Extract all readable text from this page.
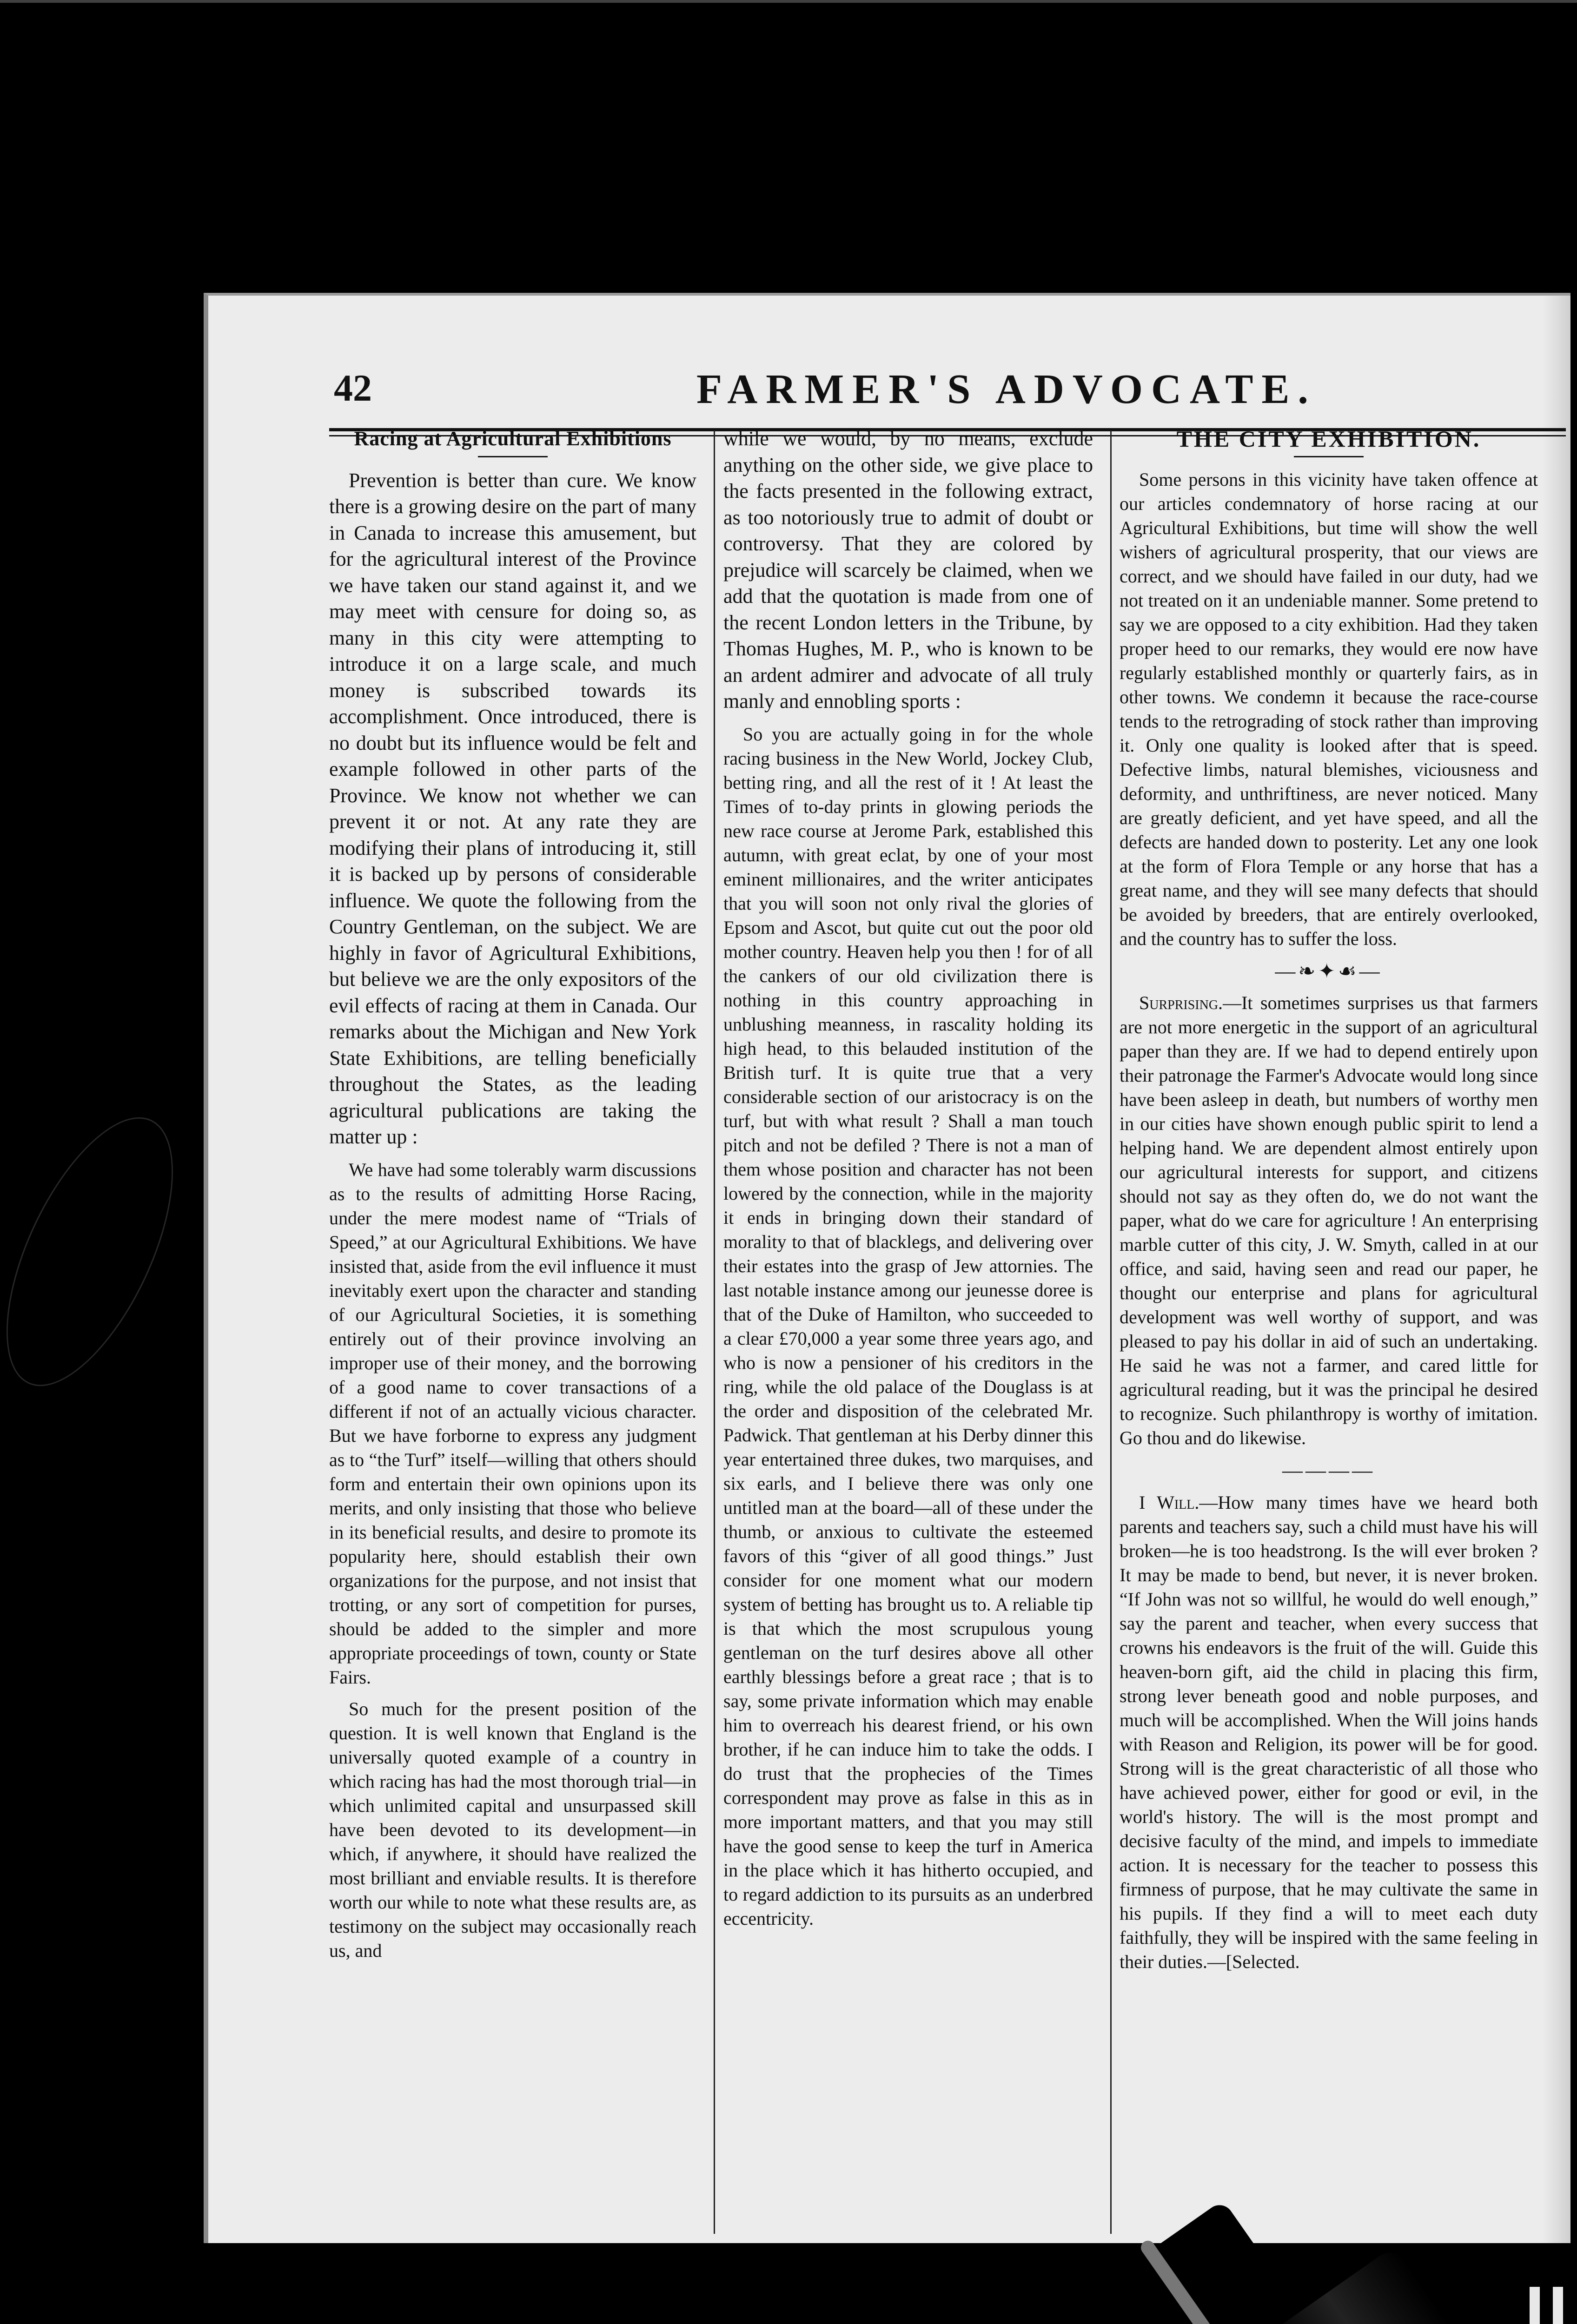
42	FARMER'S ADVOCATE.
Racing at Agricultural Exhibitions

Prevention is better than cure. We know there is a growing desire on the part of many in Canada to increase this amusement, but for the agricultural interest of the Province we have taken our stand against it, and we may meet with censure for doing so, as many in this city were attempting to introduce it on a large scale, and much money is subscribed towards its accomplishment. Once introduced, there is no doubt but its influence would be felt and example followed in other parts of the Province. We know not whether we can prevent it or not. At any rate they are modifying their plans of introducing it, still it is backed up by persons of considerable influence. We quote the following from the Country Gentleman, on the subject. We are highly in favor of Agricultural Exhibitions, but believe we are the only expositors of the evil effects of racing at them in Canada. Our remarks about the Michigan and New York State Exhibitions, are telling beneficially throughout the States, as the leading agricultural publications are taking the matter up :

We have had some tolerably warm discussions as to the results of admitting Horse Racing, under the mere modest name of “Trials of Speed,” at our Agricultural Exhibitions. We have insisted that, aside from the evil influence it must inevitably exert upon the character and standing of our Agricultural Societies, it is something entirely out of their province involving an improper use of their money, and the borrowing of a good name to cover transactions of a different if not of an actually vicious character. But we have forborne to express any judgment as to “the Turf” itself—willing that others should form and entertain their own opinions upon its merits, and only insisting that those who believe in its beneficial results, and desire to promote its popularity here, should establish their own organizations for the purpose, and not insist that trotting, or any sort of competition for purses, should be added to the simpler and more appropriate proceedings of town, county or State Fairs.

So much for the present position of the question. It is well known that England is the universally quoted example of a country in which racing has had the most thorough trial—in which unlimited capital and unsurpassed skill have been devoted to its development—in which, if anywhere, it should have realized the most brilliant and enviable results. It is therefore worth our while to note what these results are, as testimony on the subject may occasionally reach us, and

while we would, by no means, exclude anything on the other side, we give place to the facts presented in the following extract, as too notoriously true to admit of doubt or controversy. That they are colored by prejudice will scarcely be claimed, when we add that the quotation is made from one of the recent London letters in the Tribune, by Thomas Hughes, M. P., who is known to be an ardent admirer and advocate of all truly manly and ennobling sports :

So you are actually going in for the whole racing business in the New World, Jockey Club, betting ring, and all the rest of it ! At least the Times of to-day prints in glowing periods the new race course at Jerome Park, established this autumn, with great eclat, by one of your most eminent millionaires, and the writer anticipates that you will soon not only rival the glories of Epsom and Ascot, but quite cut out the poor old mother country. Heaven help you then ! for of all the cankers of our old civilization there is nothing in this country approaching in unblushing meanness, in rascality holding its high head, to this belauded institution of the British turf. It is quite true that a very considerable section of our aristocracy is on the turf, but with what result ? Shall a man touch pitch and not be defiled ? There is not a man of them whose position and character has not been lowered by the connection, while in the majority it ends in bringing down their standard of morality to that of blacklegs, and delivering over their estates into the grasp of Jew attornies. The last notable instance among our jeunesse doree is that of the Duke of Hamilton, who succeeded to a clear £70,000 a year some three years ago, and who is now a pensioner of his creditors in the ring, while the old palace of the Douglass is at the order and disposition of the celebrated Mr. Padwick. That gentleman at his Derby dinner this year entertained three dukes, two marquises, and six earls, and I believe there was only one untitled man at the board—all of these under the thumb, or anxious to cultivate the esteemed favors of this “giver of all good things.” Just consider for one moment what our modern system of betting has brought us to. A reliable tip is that which the most scrupulous young gentleman on the turf desires above all other earthly blessings before a great race ; that is to say, some private information which may enable him to overreach his dearest friend, or his own brother, if he can induce him to take the odds. I do trust that the prophecies of the Times correspondent may prove as false in this as in more important matters, and that you may still have the good sense to keep the turf in America in the place which it has hitherto occupied, and to regard addiction to its pursuits as an underbred eccentricity.

THE CITY EXHIBITION.

Some persons in this vicinity have taken offence at our articles condemnatory of horse racing at our Agricultural Exhibitions, but time will show the well wishers of agricultural prosperity, that our views are correct, and we should have failed in our duty, had we not treated on it an undeniable manner. Some pretend to say we are opposed to a city exhibition. Had they taken proper heed to our remarks, they would ere now have regularly established monthly or quarterly fairs, as in other towns. We condemn it because the race-course tends to the retrograding of stock rather than improving it. Only one quality is looked after that is speed. Defective limbs, natural blemishes, viciousness and deformity, and unthriftiness, are never noticed. Many are greatly deficient, and yet have speed, and all the defects are handed down to posterity. Let any one look at the form of Flora Temple or any horse that has a great name, and they will see many defects that should be avoided by breeders, that are entirely overlooked, and the country has to suffer the loss.

—❧✦☙—

Surprising.—It sometimes surprises us that farmers are not more energetic in the support of an agricultural paper than they are. If we had to depend entirely upon their patronage the Farmer's Advocate would long since have been asleep in death, but numbers of worthy men in our cities have shown enough public spirit to lend a helping hand. We are dependent almost entirely upon our agricultural interests for support, and citizens should not say as they often do, we do not want the paper, what do we care for agriculture ! An enterprising marble cutter of this city, J. W. Smyth, called in at our office, and said, having seen and read our paper, he thought our enterprise and plans for agricultural development was well worthy of support, and was pleased to pay his dollar in aid of such an undertaking. He said he was not a farmer, and cared little for agricultural reading, but it was the principal he desired to recognize. Such philanthropy is worthy of imitation. Go thou and do likewise.

————

I Will.—How many times have we heard both parents and teachers say, such a child must have his will broken—he is too headstrong. Is the will ever broken ? It may be made to bend, but never, it is never broken. “If John was not so willful, he would do well enough,” say the parent and teacher, when every success that crowns his endeavors is the fruit of the will. Guide this heaven-born gift, aid the child in placing this firm, strong lever beneath good and noble purposes, and much will be accomplished. When the Will joins hands with Reason and Religion, its power will be for good. Strong will is the great characteristic of all those who have achieved power, either for good or evil, in the world's history. The will is the most prompt and decisive faculty of the mind, and impels to immediate action. It is necessary for the teacher to possess this firmness of purpose, that he may cultivate the same in his pupils. If they find a will to meet each duty faithfully, they will be inspired with the same feeling in their duties.—[Selected.
